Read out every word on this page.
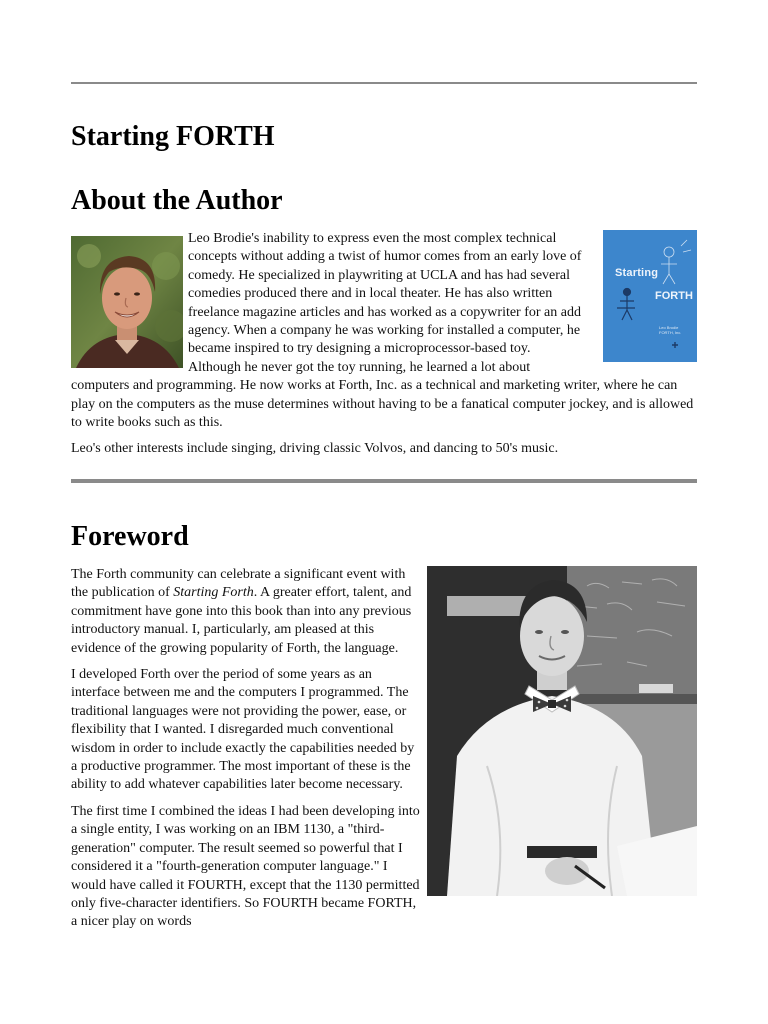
Starting FORTH
About the Author
Starting
FORTH
Leo Brodie
FORTH, Inc.

Leo Brodie's inability to express even the most complex technical concepts without adding a twist of humor comes from an early love of comedy. He specialized in playwriting at UCLA and has had several comedies produced there and in local theater. He has also written freelance magazine articles and has worked as a copywriter for an add agency. When a company he was working for installed a computer, he became inspired to try designing a microprocessor-based toy. Although he never got the toy running, he learned a lot about computers and programming. He now works at Forth, Inc. as a technical and marketing writer, where he can play on the computers as the muse determines without having to be a fanatical computer jockey, and is allowed to write books such as this.

Leo's other interests include singing, driving classic Volvos, and dancing to 50's music.

Foreword

The Forth community can celebrate a significant event with the publication of Starting Forth. A greater effort, talent, and commitment have gone into this book than into any previous introductory manual. I, particularly, am pleased at this evidence of the growing popularity of Forth, the language.

I developed Forth over the period of some years as an interface between me and the computers I programmed. The traditional languages were not providing the power, ease, or flexibility that I wanted. I disregarded much conventional wisdom in order to include exactly the capabilities needed by a productive programmer. The most important of these is the ability to add whatever capabilities later become necessary.

The first time I combined the ideas I had been developing into a single entity, I was working on an IBM 1130, a "third-generation" computer. The result seemed so powerful that I considered it a "fourth-generation computer language." I would have called it FOURTH, except that the 1130 permitted only five-character identifiers. So FOURTH became FORTH, a nicer play on words
